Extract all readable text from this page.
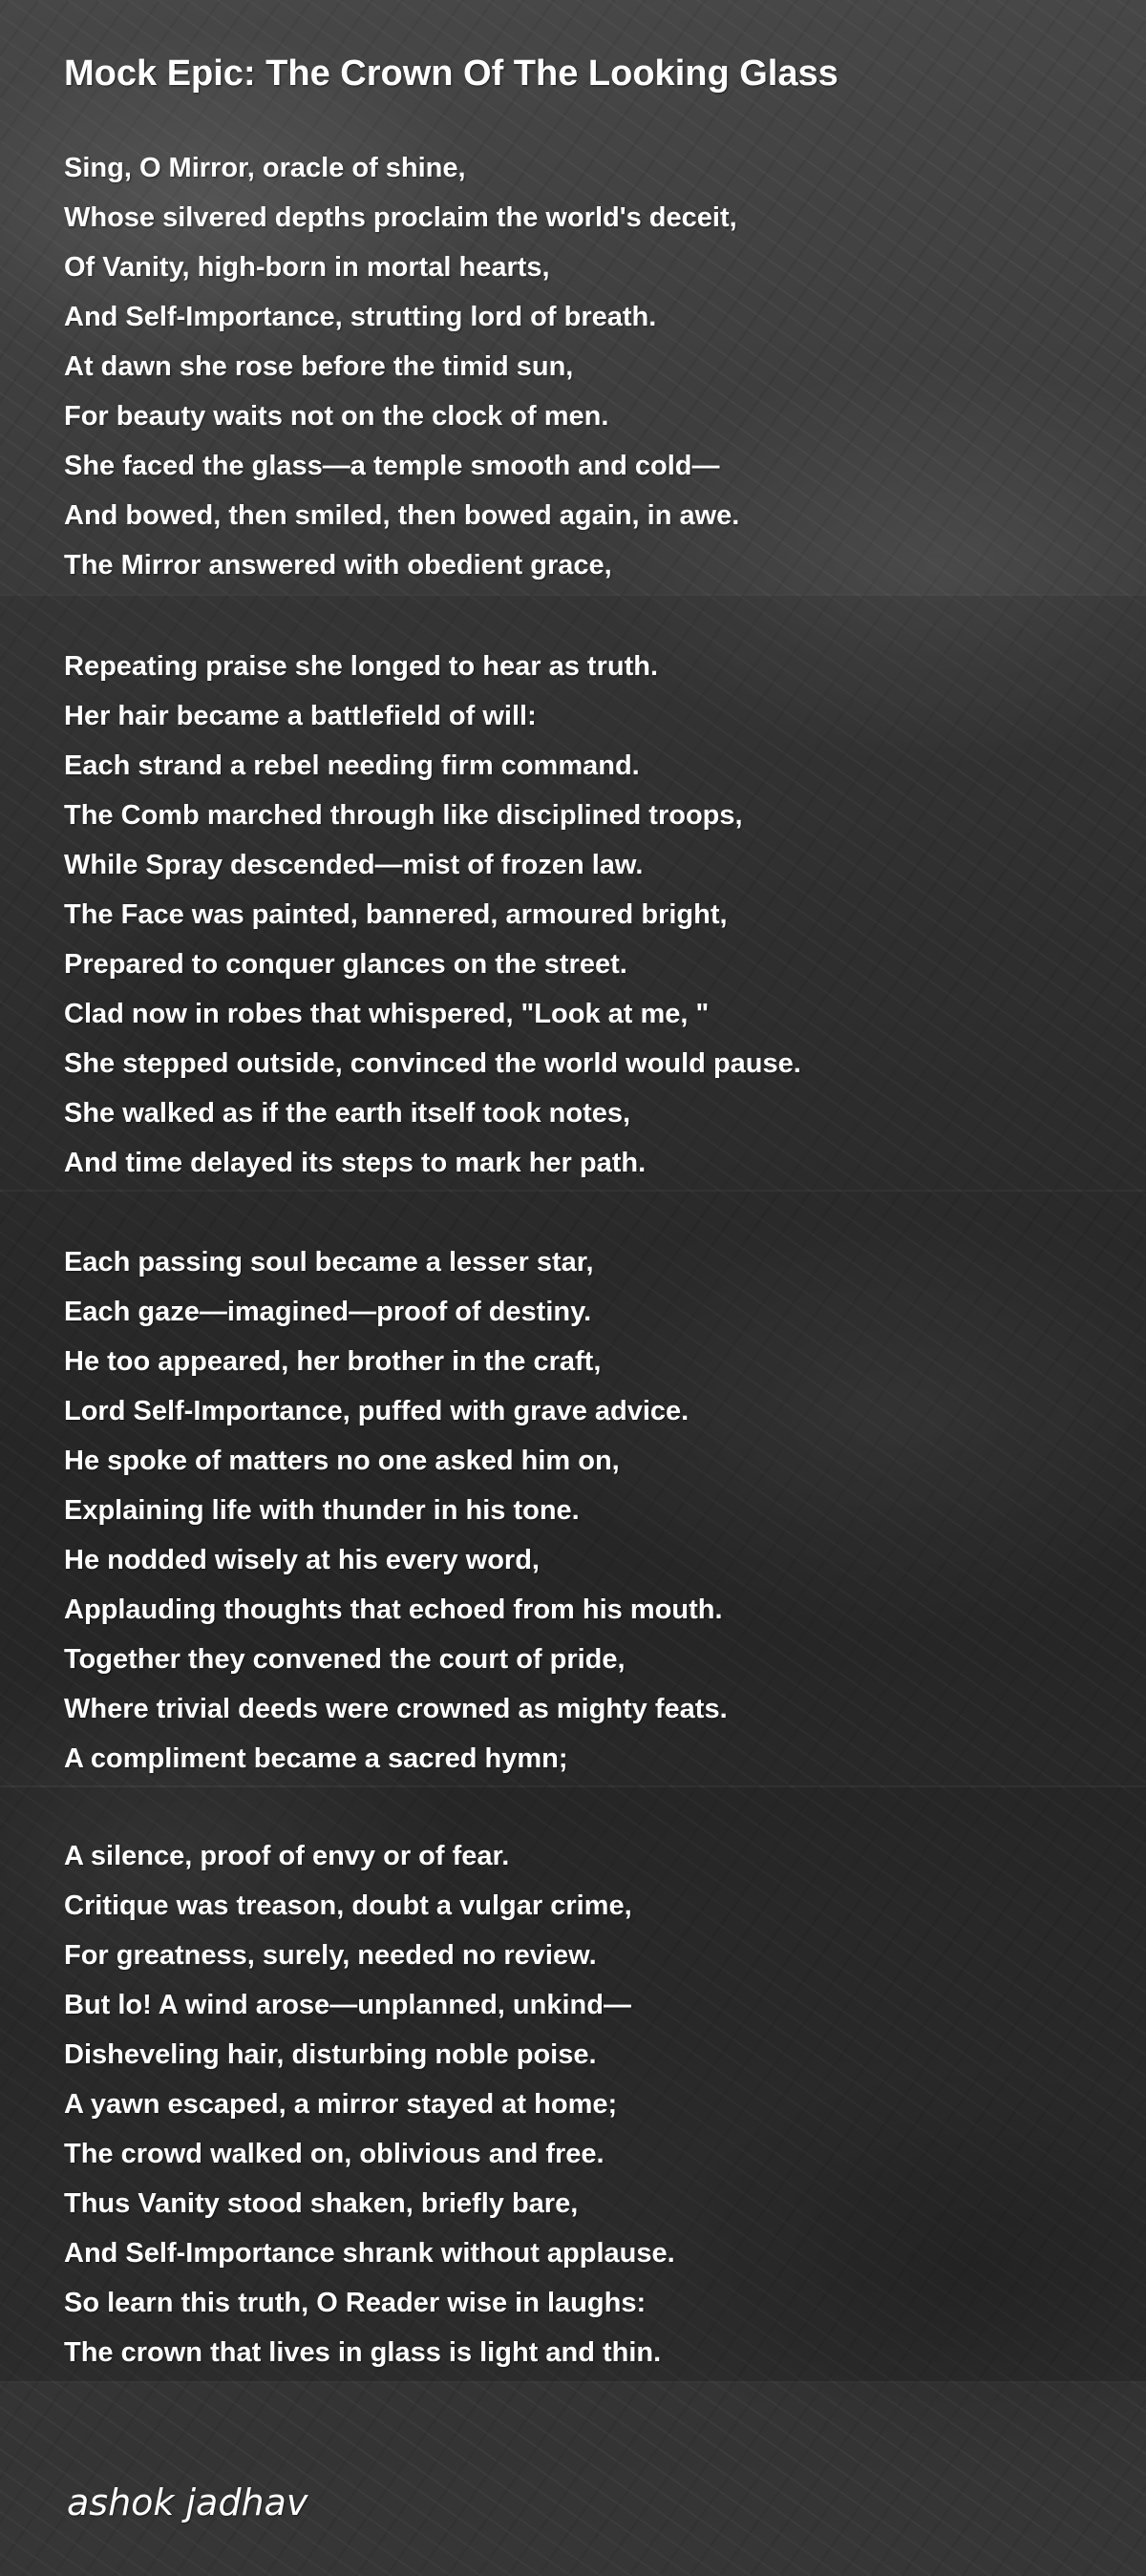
Mock Epic: The Crown Of The Looking Glass
Sing, O Mirror, oracle of shine,
Whose silvered depths proclaim the world's deceit,
Of Vanity, high-born in mortal hearts,
And Self-Importance, strutting lord of breath.
At dawn she rose before the timid sun,
For beauty waits not on the clock of men.
She faced the glass—a temple smooth and cold—
And bowed, then smiled, then bowed again, in awe.
The Mirror answered with obedient grace,
Repeating praise she longed to hear as truth.
Her hair became a battlefield of will:
Each strand a rebel needing firm command.
The Comb marched through like disciplined troops,
While Spray descended—mist of frozen law.
The Face was painted, bannered, armoured bright,
Prepared to conquer glances on the street.
Clad now in robes that whispered, "Look at me, "
She stepped outside, convinced the world would pause.
She walked as if the earth itself took notes,
And time delayed its steps to mark her path.
Each passing soul became a lesser star,
Each gaze—imagined—proof of destiny.
He too appeared, her brother in the craft,
Lord Self-Importance, puffed with grave advice.
He spoke of matters no one asked him on,
Explaining life with thunder in his tone.
He nodded wisely at his every word,
Applauding thoughts that echoed from his mouth.
Together they convened the court of pride,
Where trivial deeds were crowned as mighty feats.
A compliment became a sacred hymn;
A silence, proof of envy or of fear.
Critique was treason, doubt a vulgar crime,
For greatness, surely, needed no review.
But lo! A wind arose—unplanned, unkind—
Disheveling hair, disturbing noble poise.
A yawn escaped, a mirror stayed at home;
The crowd walked on, oblivious and free.
Thus Vanity stood shaken, briefly bare,
And Self-Importance shrank without applause.
So learn this truth, O Reader wise in laughs:
The crown that lives in glass is light and thin.

ashok jadhav
